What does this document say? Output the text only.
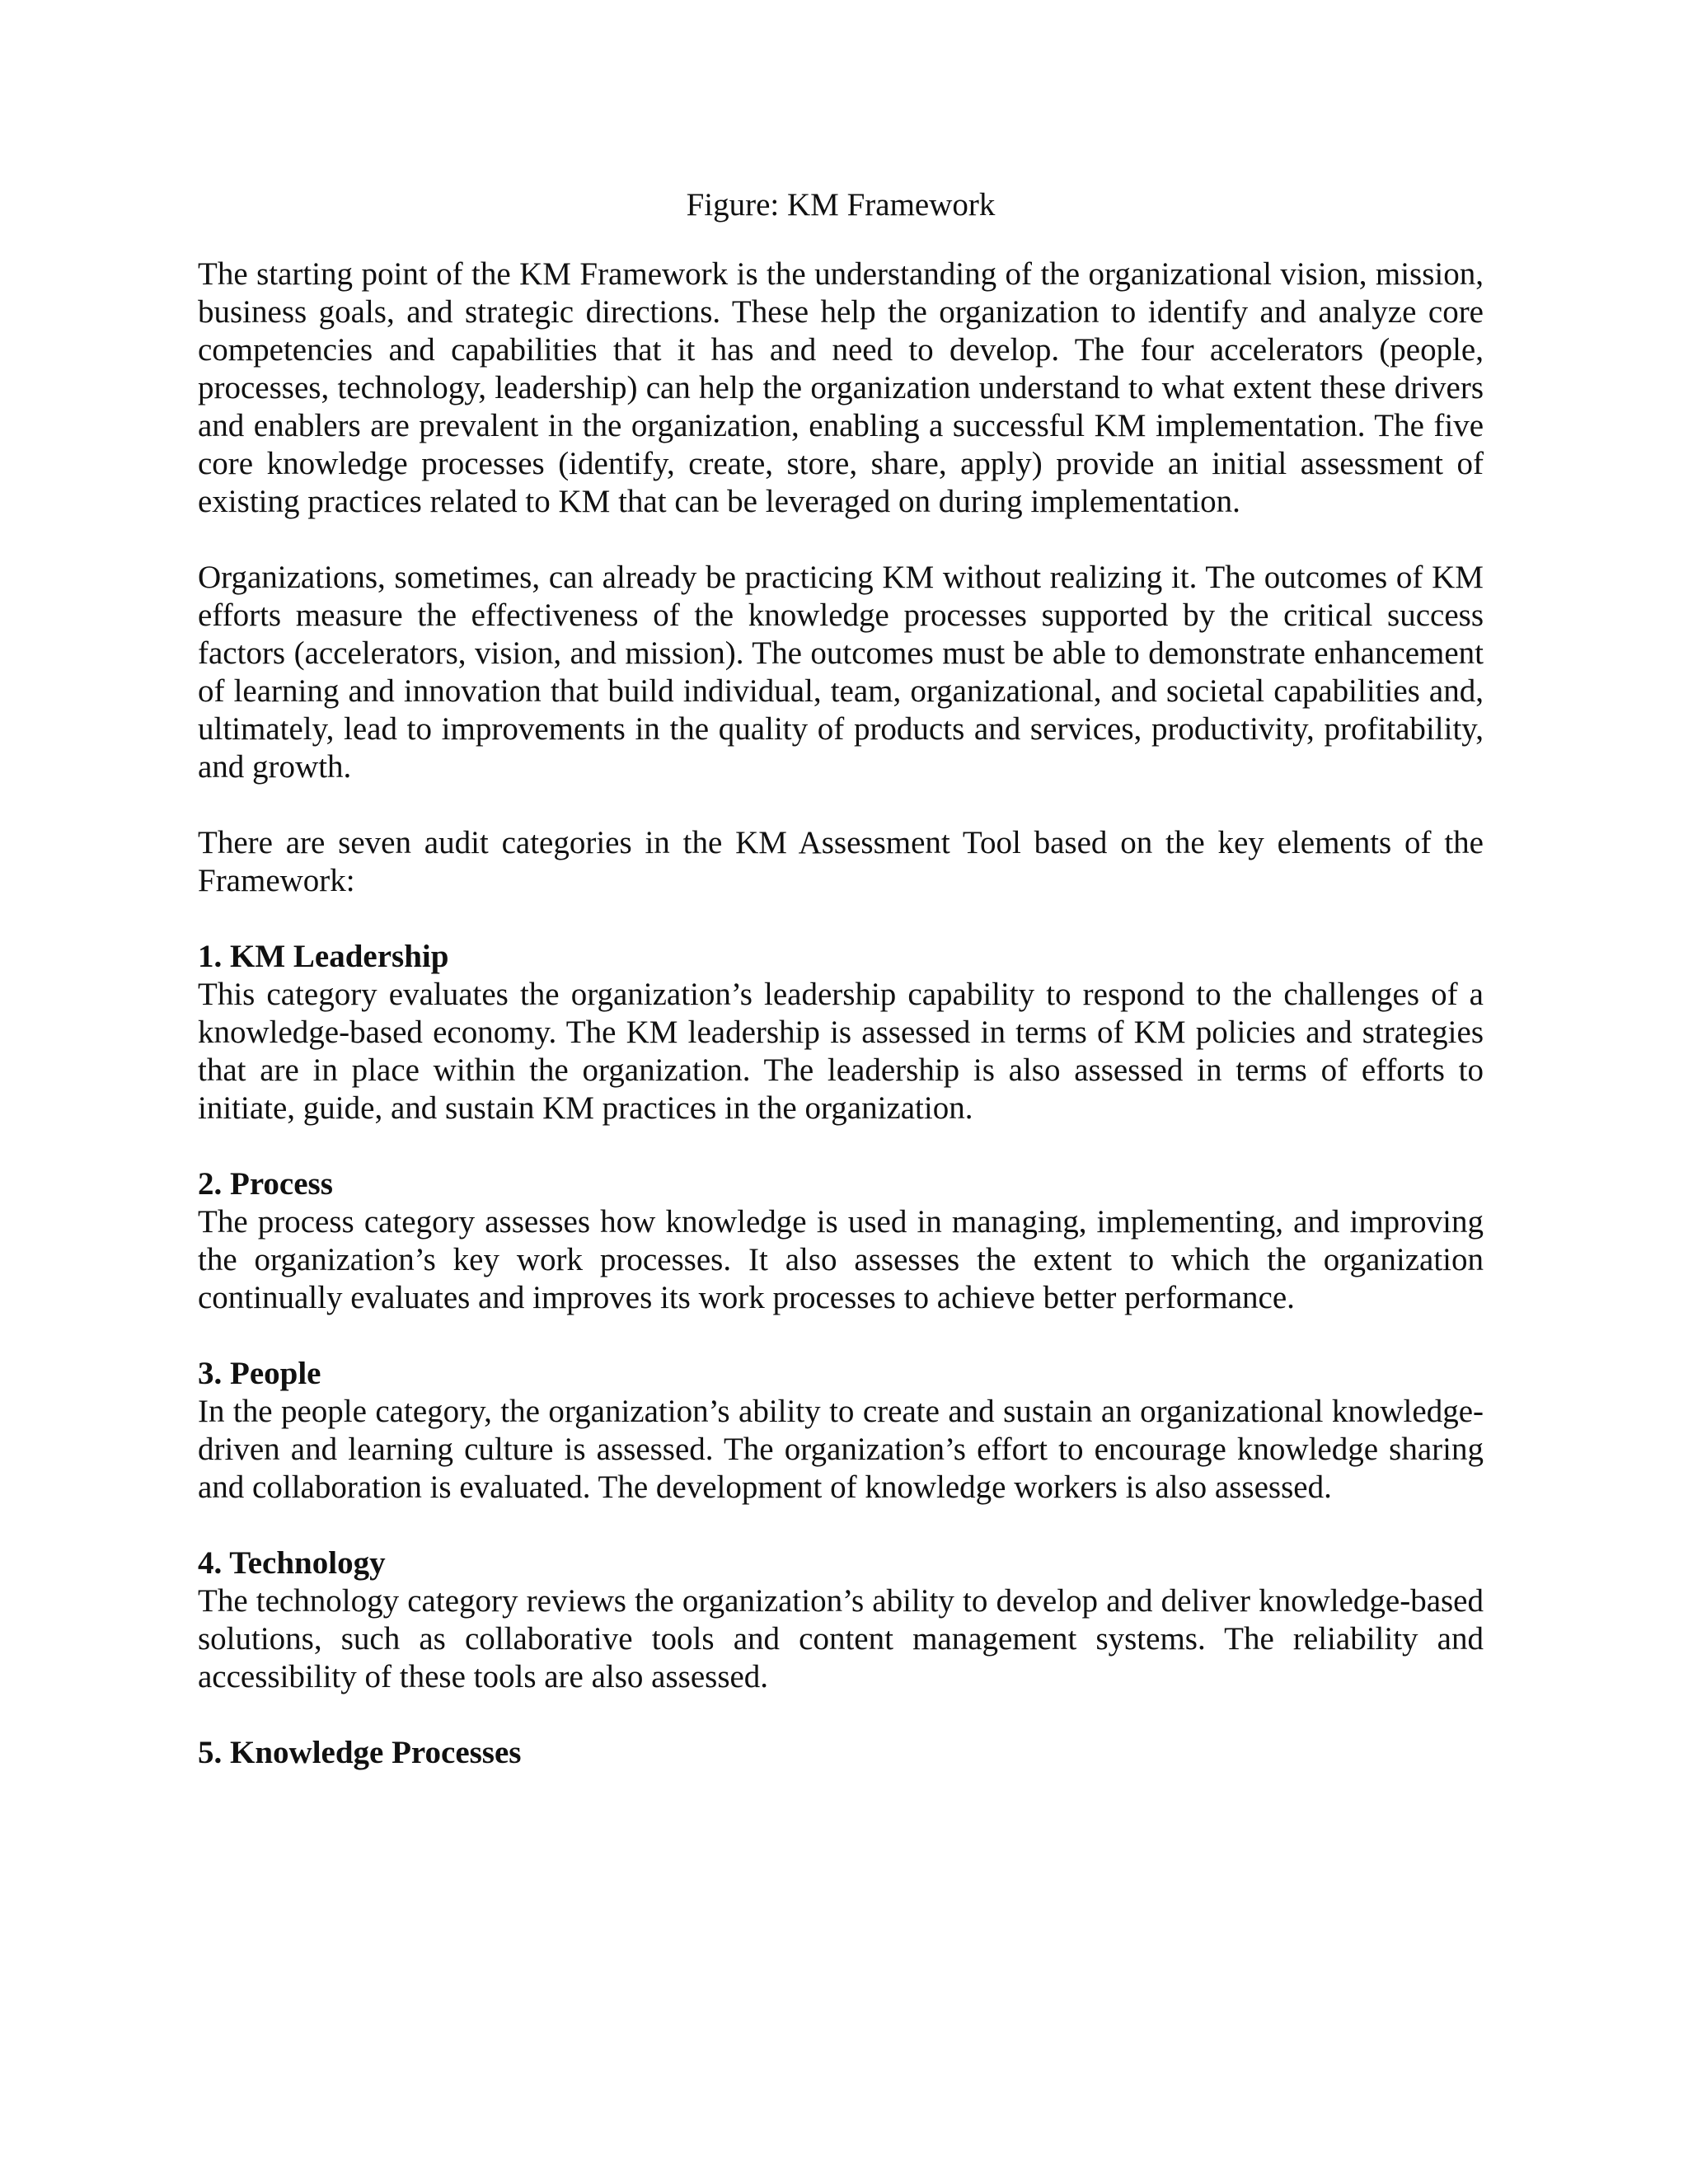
Figure: KM Framework

The starting point of the KM Framework is the understanding of the organizational vision, mission, business goals, and strategic directions. These help the organization to identify and analyze core competencies and capabilities that it has and need to develop. The four accelerators (people, processes, technology, leadership) can help the organization understand to what extent these drivers and enablers are prevalent in the organization, enabling a successful KM implementation. The five core knowledge processes (identify, create, store, share, apply) provide an initial assessment of existing practices related to KM that can be leveraged on during implementation.

Organizations, sometimes, can already be practicing KM without realizing it. The outcomes of KM efforts measure the effectiveness of the knowledge processes supported by the critical success factors (accelerators, vision, and mission). The outcomes must be able to demonstrate enhancement of learning and innovation that build individual, team, organizational, and societal capabilities and, ultimately, lead to improvements in the quality of products and services, productivity, profitability, and growth.

There are seven audit categories in the KM Assessment Tool based on the key elements of the Framework:

1. KM Leadership

This category evaluates the organization’s leadership capability to respond to the challenges of a knowledge-based economy. The KM leadership is assessed in terms of KM policies and strategies that are in place within the organization. The leadership is also assessed in terms of efforts to initiate, guide, and sustain KM practices in the organization.

2. Process

The process category assesses how knowledge is used in managing, implementing, and improving the organization’s key work processes. It also assesses the extent to which the organization continually evaluates and improves its work processes to achieve better performance.

3. People

In the people category, the organization’s ability to create and sustain an organizational knowledge-driven and learning culture is assessed. The organization’s effort to encourage knowledge sharing and collaboration is evaluated. The development of knowledge workers is also assessed.

4. Technology

The technology category reviews the organization’s ability to develop and deliver knowledge-based solutions, such as collaborative tools and content management systems. The reliability and accessibility of these tools are also assessed.

5. Knowledge Processes
